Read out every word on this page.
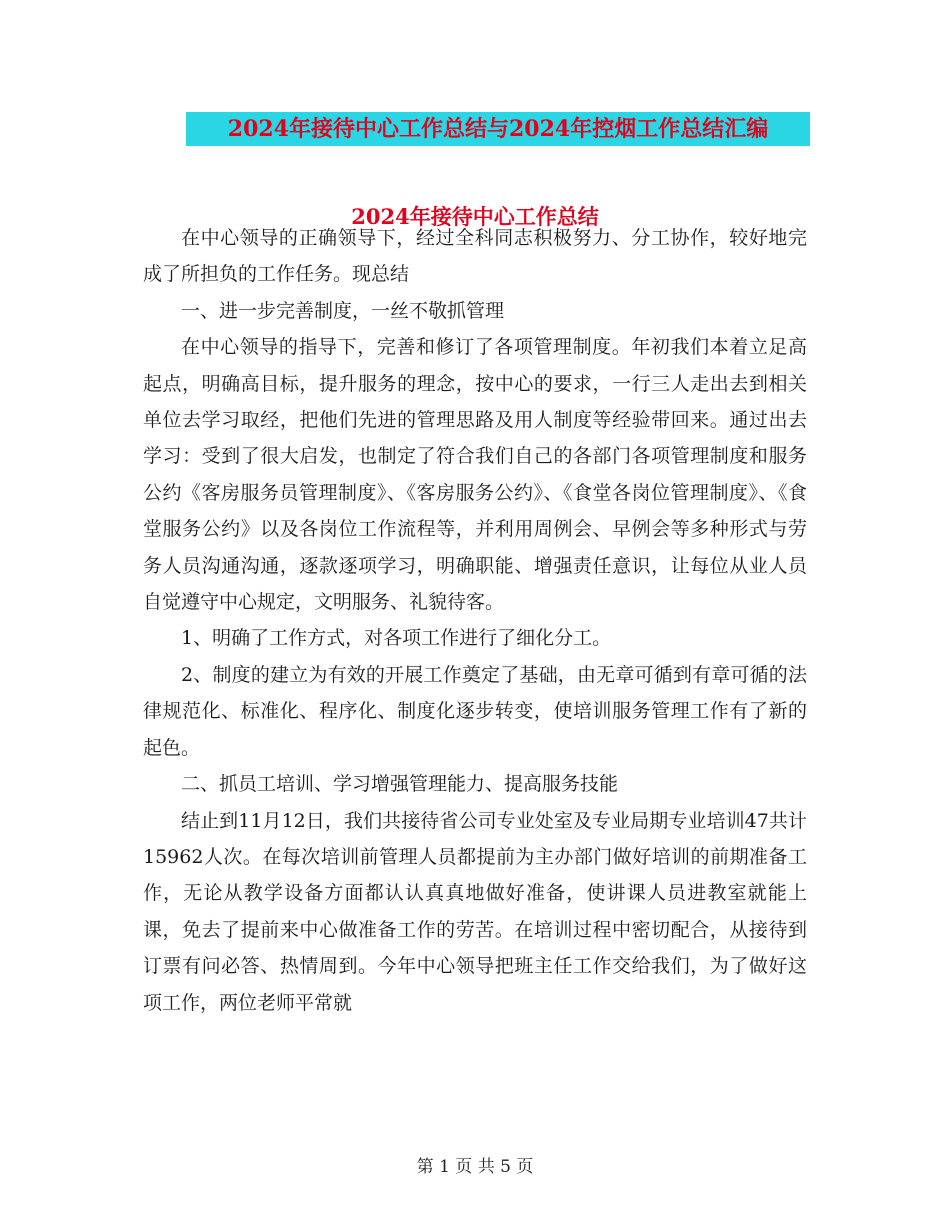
2024年接待中心工作总结与2024年控烟工作总结汇编
2024年接待中心工作总结

在中心领导的正确领导下，经过全科同志积极努力、分工协作，较好地完成了所担负的工作任务。现总结

一、进一步完善制度，一丝不敬抓管理

在中心领导的指导下，完善和修订了各项管理制度。年初我们本着立足高起点，明确高目标，提升服务的理念，按中心的要求，一行三人走出去到相关单位去学习取经，把他们先进的管理思路及用人制度等经验带回来。通过出去学习：受到了很大启发，也制定了符合我们自己的各部门各项管理制度和服务公约《客房服务员管理制度》、《客房服务公约》、《食堂各岗位管理制度》、《食堂服务公约》以及各岗位工作流程等，并利用周例会、早例会等多种形式与劳务人员沟通沟通，逐款逐项学习，明确职能、增强责任意识，让每位从业人员自觉遵守中心规定，文明服务、礼貌待客。

1、明确了工作方式，对各项工作进行了细化分工。

2、制度的建立为有效的开展工作奠定了基础，由无章可循到有章可循的法律规范化、标准化、程序化、制度化逐步转变，使培训服务管理工作有了新的起色。

二、抓员工培训、学习增强管理能力、提高服务技能

结止到11月12日，我们共接待省公司专业处室及专业局期专业培训47共计15962人次。在每次培训前管理人员都提前为主办部门做好培训的前期准备工作，无论从教学设备方面都认认真真地做好准备，使讲课人员进教室就能上课，免去了提前来中心做准备工作的劳苦。在培训过程中密切配合，从接待到订票有问必答、热情周到。今年中心领导把班主任工作交给我们，为了做好这项工作，两位老师平常就

第 1 页 共 5 页
